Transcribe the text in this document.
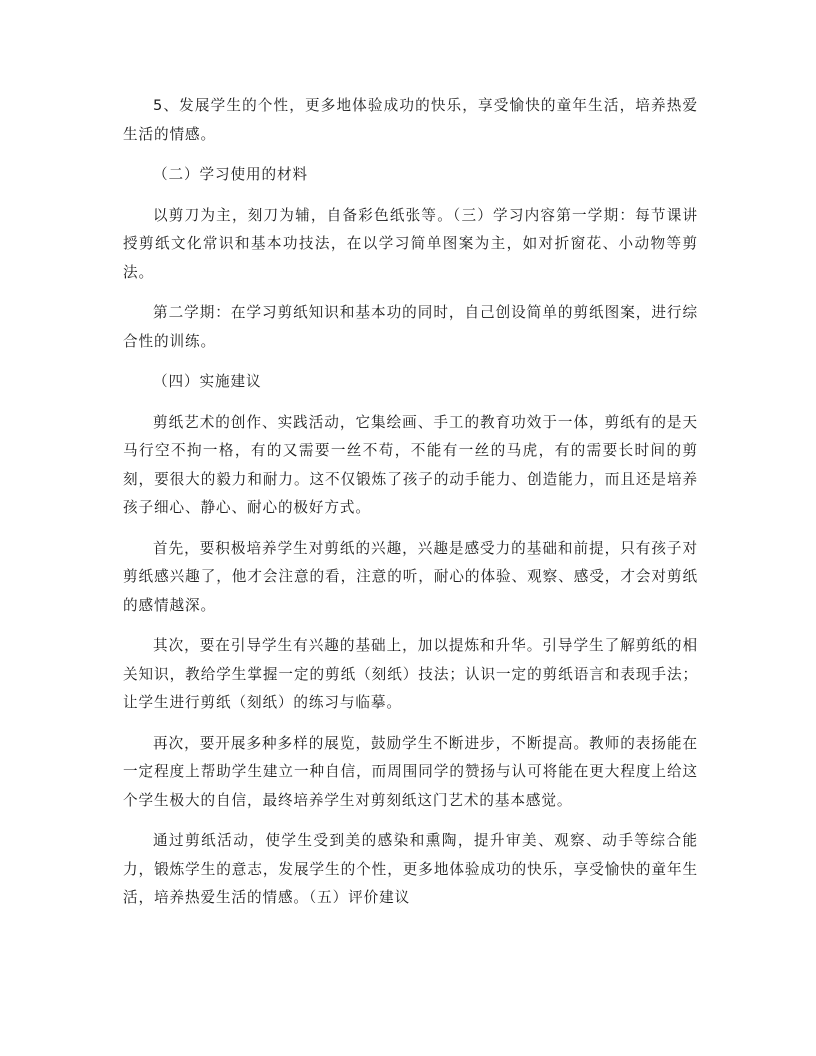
5、发展学生的个性，更多地体验成功的快乐，享受愉快的童年生活，培养热爱生活的情感。

（二）学习使用的材料

以剪刀为主，刻刀为辅，自备彩色纸张等。（三）学习内容第一学期：每节课讲授剪纸文化常识和基本功技法，在以学习简单图案为主，如对折窗花、小动物等剪法。

第二学期：在学习剪纸知识和基本功的同时，自己创设简单的剪纸图案，进行综合性的训练。

（四）实施建议

剪纸艺术的创作、实践活动，它集绘画、手工的教育功效于一体，剪纸有的是天马行空不拘一格，有的又需要一丝不苟，不能有一丝的马虎，有的需要长时间的剪刻，要很大的毅力和耐力。这不仅锻炼了孩子的动手能力、创造能力，而且还是培养孩子细心、静心、耐心的极好方式。

首先，要积极培养学生对剪纸的兴趣，兴趣是感受力的基础和前提，只有孩子对剪纸感兴趣了，他才会注意的看，注意的听，耐心的体验、观察、感受，才会对剪纸的感情越深。

其次，要在引导学生有兴趣的基础上，加以提炼和升华。引导学生了解剪纸的相关知识，教给学生掌握一定的剪纸（刻纸）技法；认识一定的剪纸语言和表现手法；让学生进行剪纸（刻纸）的练习与临摹。

再次，要开展多种多样的展览，鼓励学生不断进步，不断提高。教师的表扬能在一定程度上帮助学生建立一种自信，而周围同学的赞扬与认可将能在更大程度上给这个学生极大的自信，最终培养学生对剪刻纸这门艺术的基本感觉。

通过剪纸活动，使学生受到美的感染和熏陶，提升审美、观察、动手等综合能力，锻炼学生的意志，发展学生的个性，更多地体验成功的快乐，享受愉快的童年生活，培养热爱生活的情感。（五）评价建议
